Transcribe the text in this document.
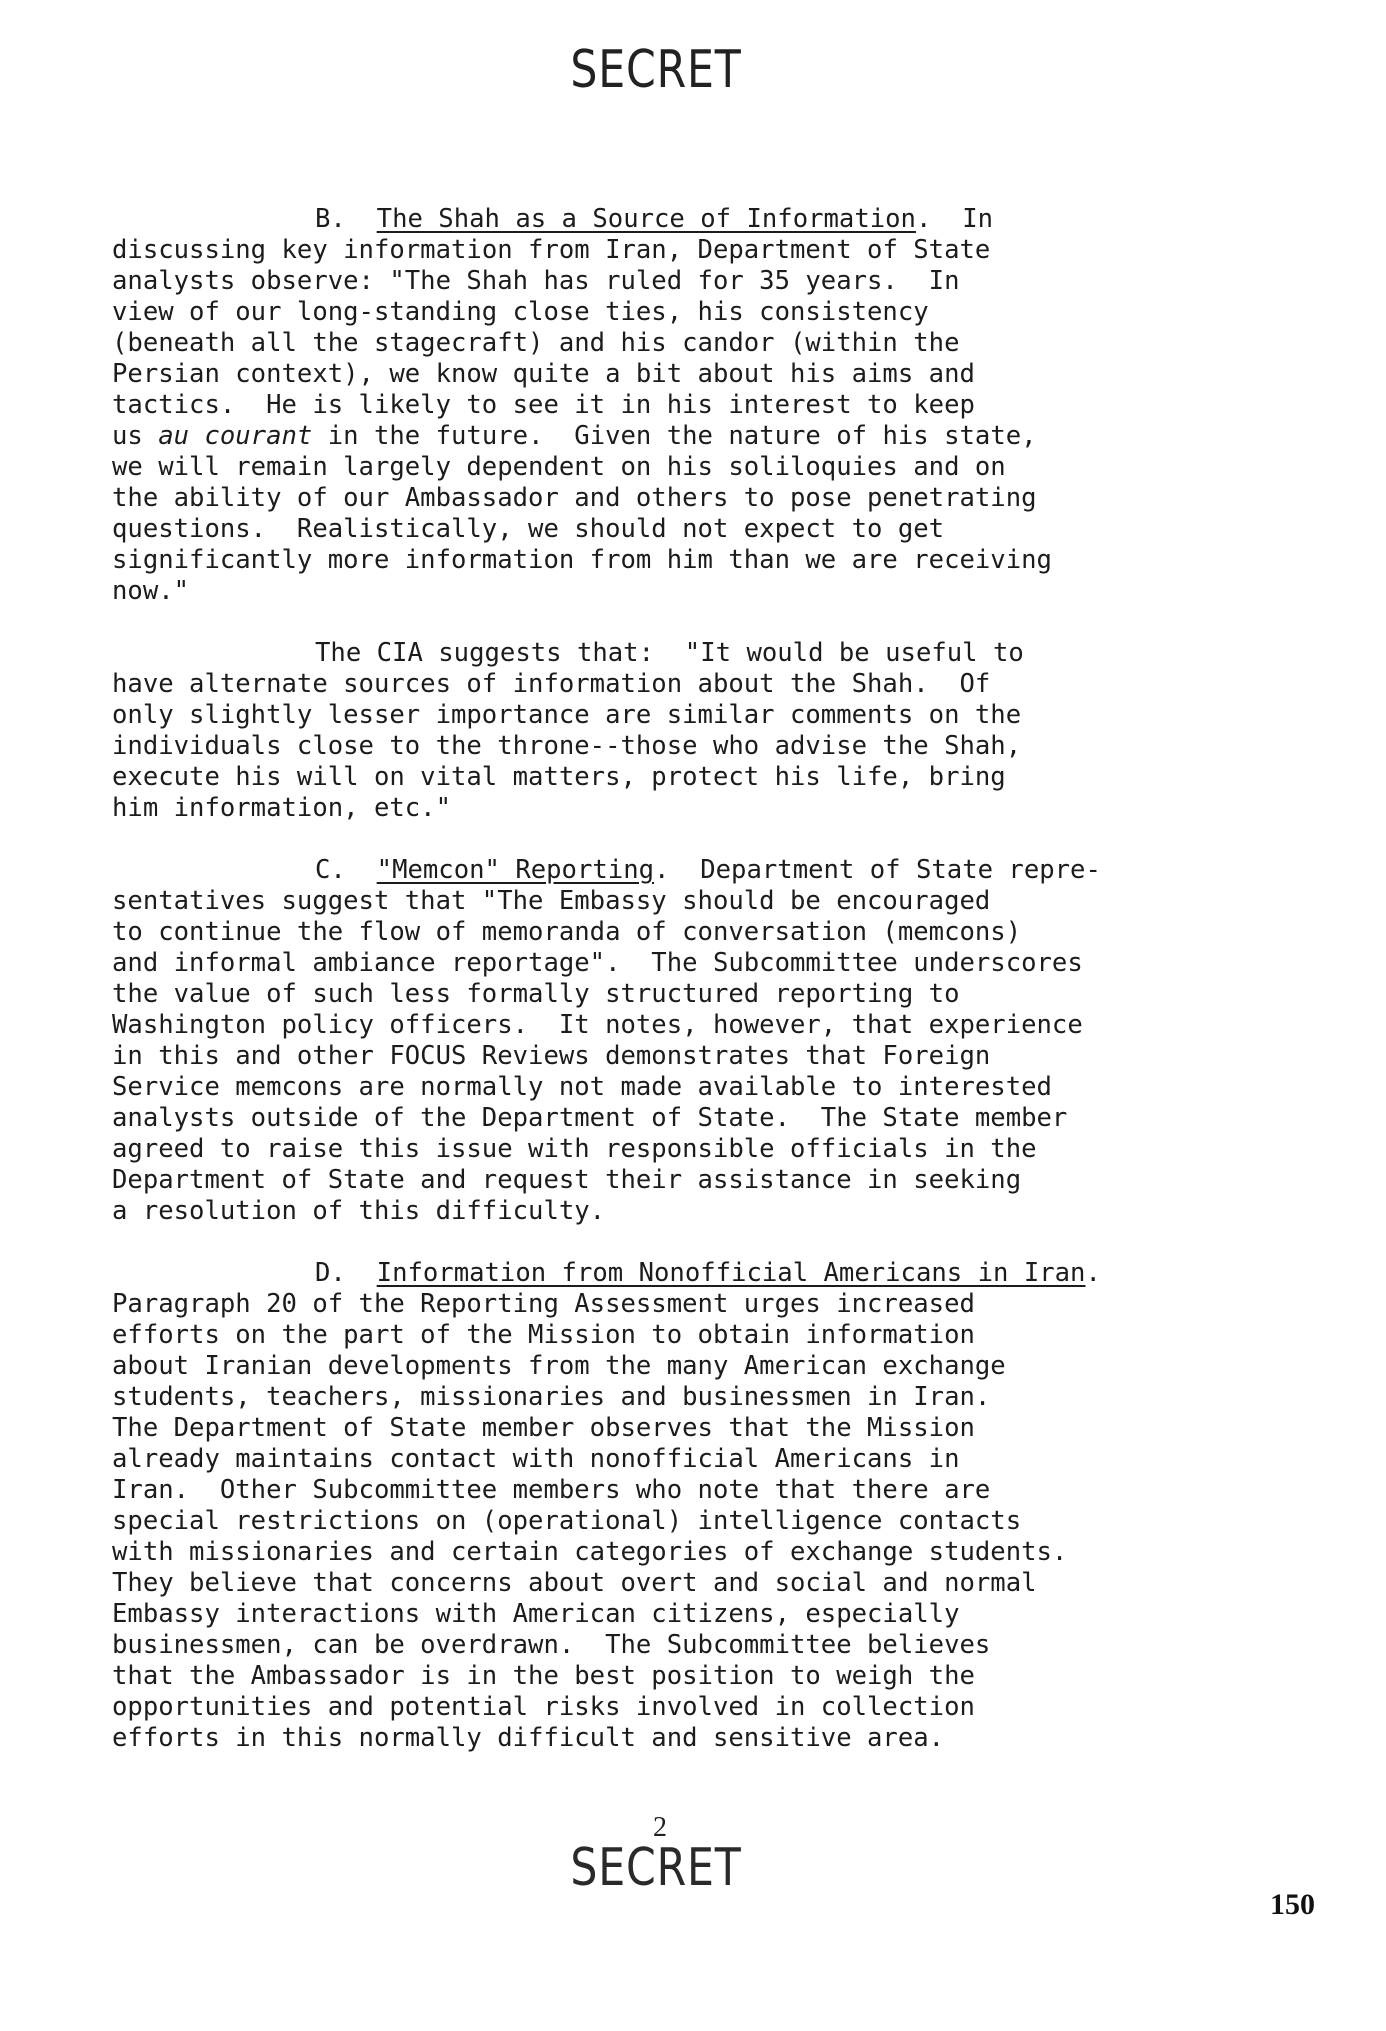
SECRET
B. The Shah as a Source of Information.  In
discussing key information from Iran, Department of State
analysts observe: "The Shah has ruled for 35 years.  In
view of our long-standing close ties, his consistency
(beneath all the stagecraft) and his candor (within the
Persian context), we know quite a bit about his aims and
tactics.  He is likely to see it in his interest to keep
us au courant in the future.  Given the nature of his state,
we will remain largely dependent on his soliloquies and on
the ability of our Ambassador and others to pose penetrating
questions.  Realistically, we should not expect to get
significantly more information from him than we are receiving
now."
The CIA suggests that:  "It would be useful to
have alternate sources of information about the Shah.  Of
only slightly lesser importance are similar comments on the
individuals close to the throne--those who advise the Shah,
execute his will on vital matters, protect his life, bring
him information, etc."
C. "Memcon" Reporting.  Department of State repre-
sentatives suggest that "The Embassy should be encouraged
to continue the flow of memoranda of conversation (memcons)
and informal ambiance reportage".  The Subcommittee underscores
the value of such less formally structured reporting to
Washington policy officers.  It notes, however, that experience
in this and other FOCUS Reviews demonstrates that Foreign
Service memcons are normally not made available to interested
analysts outside of the Department of State.  The State member
agreed to raise this issue with responsible officials in the
Department of State and request their assistance in seeking
a resolution of this difficulty.
D. Information from Nonofficial Americans in Iran.
Paragraph 20 of the Reporting Assessment urges increased
efforts on the part of the Mission to obtain information
about Iranian developments from the many American exchange
students, teachers, missionaries and businessmen in Iran.
The Department of State member observes that the Mission
already maintains contact with nonofficial Americans in
Iran.  Other Subcommittee members who note that there are
special restrictions on (operational) intelligence contacts
with missionaries and certain categories of exchange students.
They believe that concerns about overt and social and normal
Embassy interactions with American citizens, especially
businessmen, can be overdrawn.  The Subcommittee believes
that the Ambassador is in the best position to weigh the
opportunities and potential risks involved in collection
efforts in this normally difficult and sensitive area.
2
SECRET
150
